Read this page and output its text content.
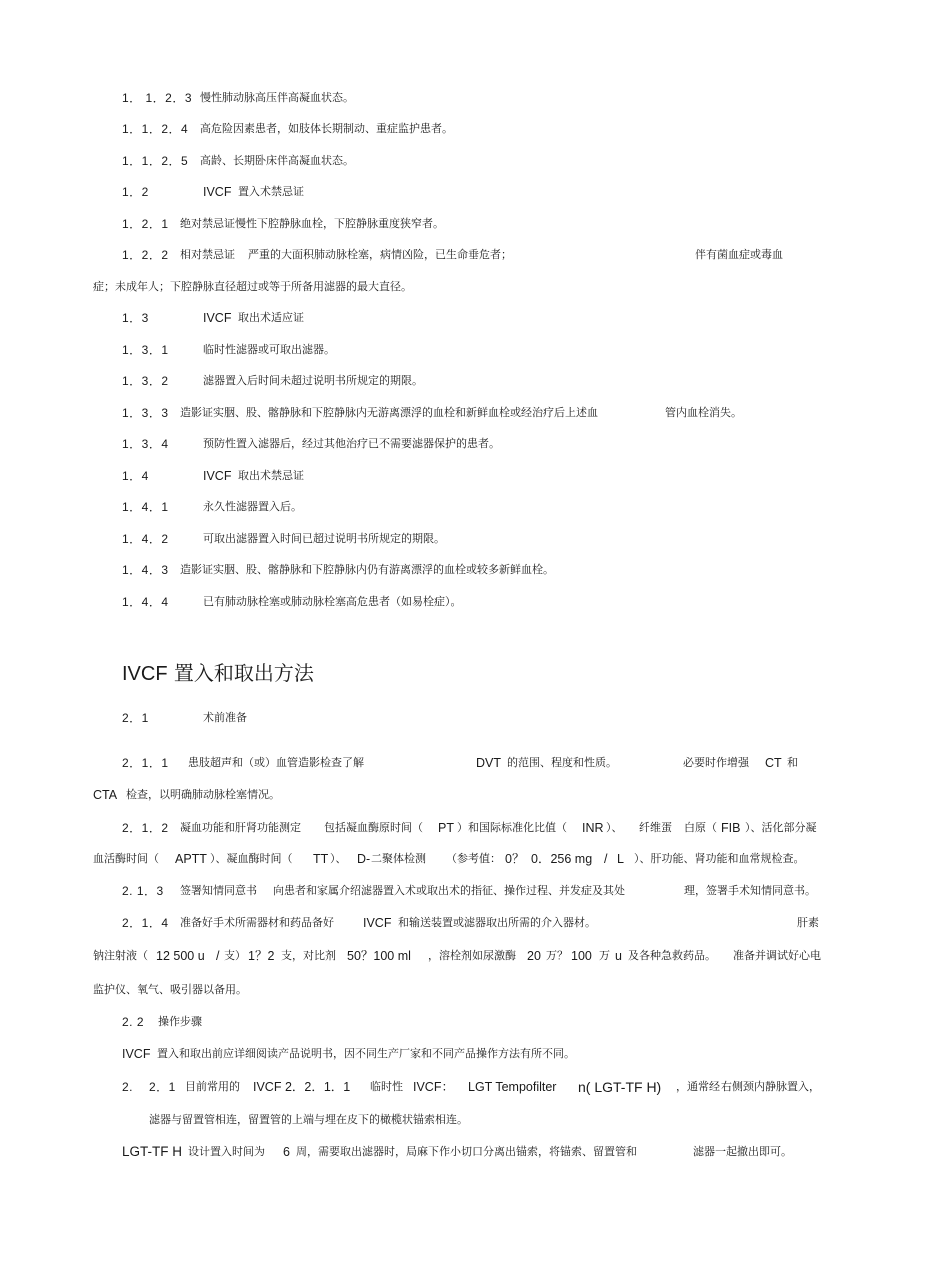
1． 1．2．3 慢性肺动脉高压伴高凝血状态。
1．1．2．4 高危险因素患者，如肢体长期制动、重症监护患者。
1．1．2．5 高龄、长期卧床伴高凝血状态。
1．2	IVCF 置入术禁忌证
1．2．1 绝对禁忌证慢性下腔静脉血栓，下腔静脉重度狭窄者。
1．2．2 相对禁忌证 严重的大面积肺动脉栓塞，病情凶险，已生命垂危者；	伴有菌血症或毒血
症；未成年人；下腔静脉直径超过或等于所备用滤器的最大直径。
1．3	IVCF 取出术适应证
1．3．1	临时性滤器或可取出滤器。
1．3．2	滤器置入后时间未超过说明书所规定的期限。
1．3．3 造影证实胭、股、髂静脉和下腔静脉内无游离漂浮的血栓和新鲜血栓或经治疗后上述血	管内血栓消失。
1．3．4	预防性置入滤器后，经过其他治疗已不需要滤器保护的患者。
1．4	IVCF 取出术禁忌证
1．4．1	永久性滤器置入后。
1．4．2	可取出滤器置入时间已超过说明书所规定的期限。
1．4．3 造影证实胭、股、髂静脉和下腔静脉内仍有游离漂浮的血栓或较多新鲜血栓。
1．4．4	已有肺动脉栓塞或肺动脉栓塞高危患者（如易栓症）。
IVCF 置入和取出方法
2．1	术前准备
2．1．1 患肢超声和（或）血管造影检查了解	DVT 的范围、程度和性质。	必要时作增强 CT 和
CTA 检查，以明确肺动脉栓塞情况。
2．1．2 凝血功能和肝肾功能测定 包括凝血酶原时间（ PT ）和国际标准化比值（ INR ）、 纤维蛋 白原（ FIB ）、活化部分凝
血活酶时间（ APTT ）、凝血酶时间（ TT ）、 D- 二聚体检测 （参考值： 0？ 0．256 mg / L ）、肝功能、肾功能和血常规检查。
2. 1．3 签署知情同意书 向患者和家属介绍滤器置入术或取出术的指征、操作过程、并发症及其处	理，签署手术知情同意书。
2．1．4 准备好手术所需器材和药品备好 IVCF 和输送装置或滤器取出所需的介入器材。	肝素
钠注射液（ 12 500 u / 支） 1？2 支，对比剂 50？100 ml ，溶栓剂如尿激酶 20 万？ 100 万 u 及各种急救药品。 准备并调试好心电
监护仪、氧气、吸引器以备用。
2. 2 操作步骤
IVCF 置入和取出前应详细阅读产品说明书，因不同生产厂家和不同产品操作方法有所不同。
2. 2．1 目前常用的 IVCF 2．2．1．1 临时性 IVCF： LGT Tempofilter n( LGT-TF H) ，通常经 右侧颈内静脉置入，
滤器与留置管相连，留置管的上端与埋在皮下的橄榄状锚索相连。
LGT-TF H 设计置入时间为 6 周，需要取出滤器时，局麻下作小切口分离出锚索，将锚索、留置管和	滤器一起撤出即可。
